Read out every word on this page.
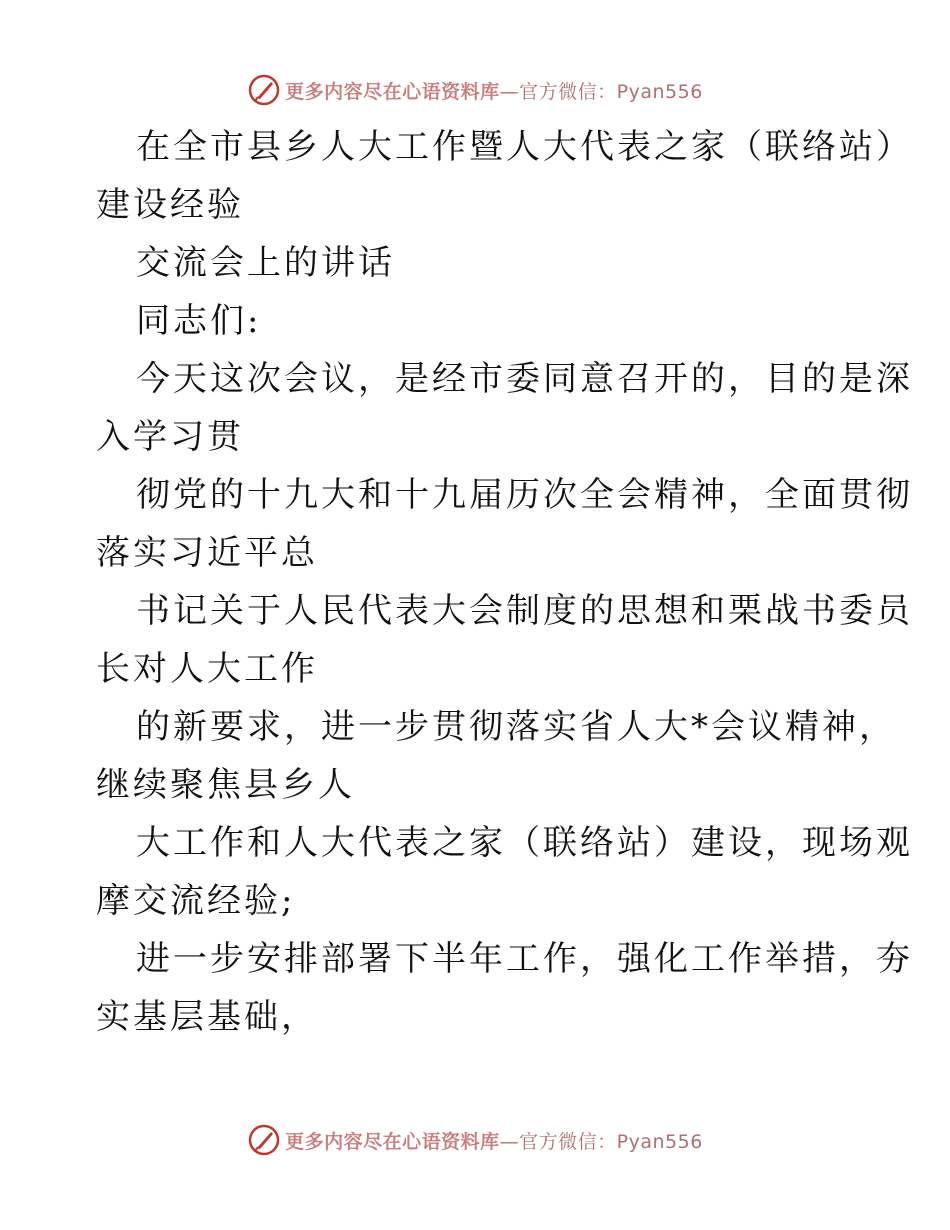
更多内容尽在心语资料库—官方微信：Pyan556
在全市县乡人大工作暨人大代表之家（联络站）
建设经验
交流会上的讲话
同志们:
今天这次会议，是经市委同意召开的，目的是深
入学习贯
彻党的十九大和十九届历次全会精神，全面贯彻
落实习近平总
书记关于人民代表大会制度的思想和栗战书委员
长对人大工作
的新要求，进一步贯彻落实省人大*会议精神，
继续聚焦县乡人
大工作和人大代表之家（联络站）建设，现场观
摩交流经验;
进一步安排部署下半年工作，强化工作举措，夯
实基层基础，
更多内容尽在心语资料库—官方微信：Pyan556
